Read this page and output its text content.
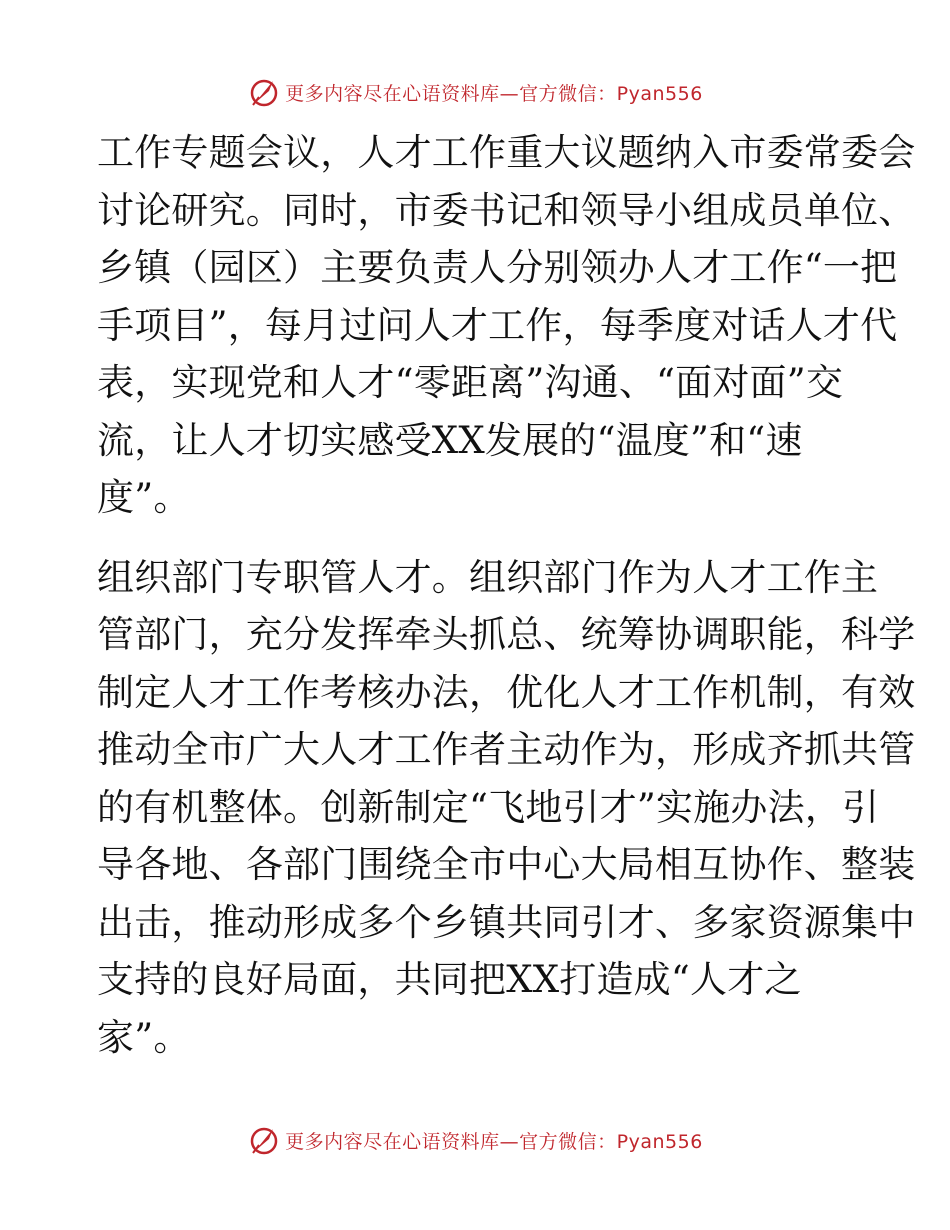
更多内容尽在心语资料库—官方微信：Pyan556
工作专题会议，人才工作重大议题纳入市委常委会
讨论研究。同时，市委书记和领导小组成员单位、
乡镇（园区）主要负责人分别领办人才工作“一把
手项目”，每月过问人才工作，每季度对话人才代
表，实现党和人才“零距离”沟通、“面对面”交
流，让人才切实感受XX发展的“温度”和“速
度”。
组织部门专职管人才。组织部门作为人才工作主
管部门，充分发挥牵头抓总、统筹协调职能，科学
制定人才工作考核办法，优化人才工作机制，有效
推动全市广大人才工作者主动作为，形成齐抓共管
的有机整体。创新制定“飞地引才”实施办法，引
导各地、各部门围绕全市中心大局相互协作、整装
出击，推动形成多个乡镇共同引才、多家资源集中
支持的良好局面，共同把XX打造成“人才之
家”。
更多内容尽在心语资料库—官方微信：Pyan556
